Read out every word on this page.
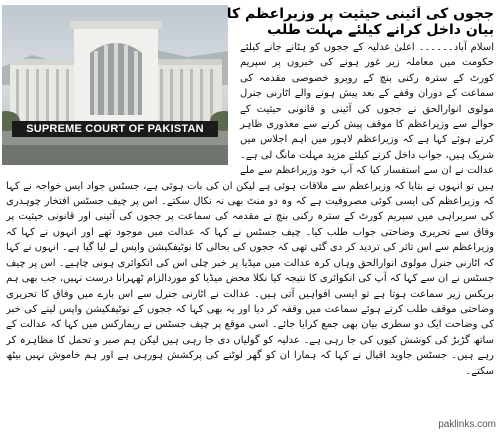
SUPREME COURT OF PAKISTAN
ججوں کی آئینی حیثیت پر وزیراعظم کا بیان داخل کرانے کیلئے مہلت طلب
اسلام آباد۔۔۔۔۔۔ اعلیٰ عدلیہ کے ججوں کو ہٹانے جانے کیلئے حکومت میں معاملہ زیر غور ہونے کی خبروں پر سپریم کورٹ کے سترہ رکنی بنچ کے روبرو خصوصی مقدمہ کی سماعت کے دوران وقفے کے بعد پیش ہونے والے اٹارنی جنرل مولوی انوارالحق نے ججوں کی آئینی و قانونی حیثیت کے حوالے سے وزیراعظم کا موقف پیش کرنے سے معذوری ظاہر کرتے ہوئے کہا ہے کہ وزیراعظم لاہور میں اہم اجلاس میں شریک ہیں، جواب داخل کرنے کیلئے مزید مہلت مانگ لی ہے۔ عدالت نے ان سے استفسار کیا کہ آپ خود وزیراعظم سے ملے ہیں تو انہوں نے بتایا کہ وزیراعظم سے ملاقات ہوئی ہے لیکن ان کی بات ہوئی ہے، جسٹس جواد ایس خواجہ نے کہا کہ وزیراعظم کی ایسی کوئی مصروفیت ہے کہ وہ دو منٹ بھی نہ نکال سکتے۔ اس پر چیف جسٹس افتخار چوہدری کی سربراہی میں سپریم کورٹ کے سترہ رکنی بنچ نے مقدمہ کی سماعت پر ججوں کی آئینی اور قانونی حیثیت پر وفاق سے تحریری وضاحتی جواب طلب کیا۔ چیف جسٹس نے کہا کہ عدالت میں موجود تھے اور انہوں نے کہا کہ وزیراعظم سے اس تاثر کی تردید کر دی گئی تھی کہ ججوں کی بحالی کا نوٹیفکیشن واپس لے لیا گیا ہے۔ انہوں نے کہا کہ اٹارنی جنرل مولوی انوارالحق وہاں کرہ عدالت میں میڈیا پر خبر چلی اس کی انکوائری ہونی چاہیے۔ اس پر چیف جسٹس نے ان سے کہا کہ آپ کی انکوائری کا نتیجہ کیا نکلا محض میڈیا کو موردالزام ٹھہرانا درست نہیں، جب بھی ہم بریکس زیر سماعت ہوتا ہے تو ایسی افواہیں آتی ہیں۔ عدالت نے اٹارنی جنرل سے اس بارے میں وفاق کا تحریری وضاحتی موقف طلب کرتے ہوئے سماعت میں وقفہ کر دیا اور یہ بھی کہا کہ ججوں کے نوٹیفکیشن واپس لینے کی خبر کی وضاحت ایک دو سطری بیان بھی جمع کرایا جائے۔ اسی موقع پر چیف جسٹس نے ریمارکس میں کہا کہ عدالت کے ساتھ گڑبڑ کی کوشش کیوں کی جا رہی ہے۔ عدلیہ کو گولیاں دی جا رہی ہیں لیکن ہم صبر و تحمل کا مظاہرہ کر رہے ہیں۔ جسٹس جاوید اقبال نے کہا کہ ہمارا ان کو گھر لوٹنے کی پرکشش ہورہی ہے اور ہم خاموش نہیں بیٹھ سکتے۔
paklinks.com
